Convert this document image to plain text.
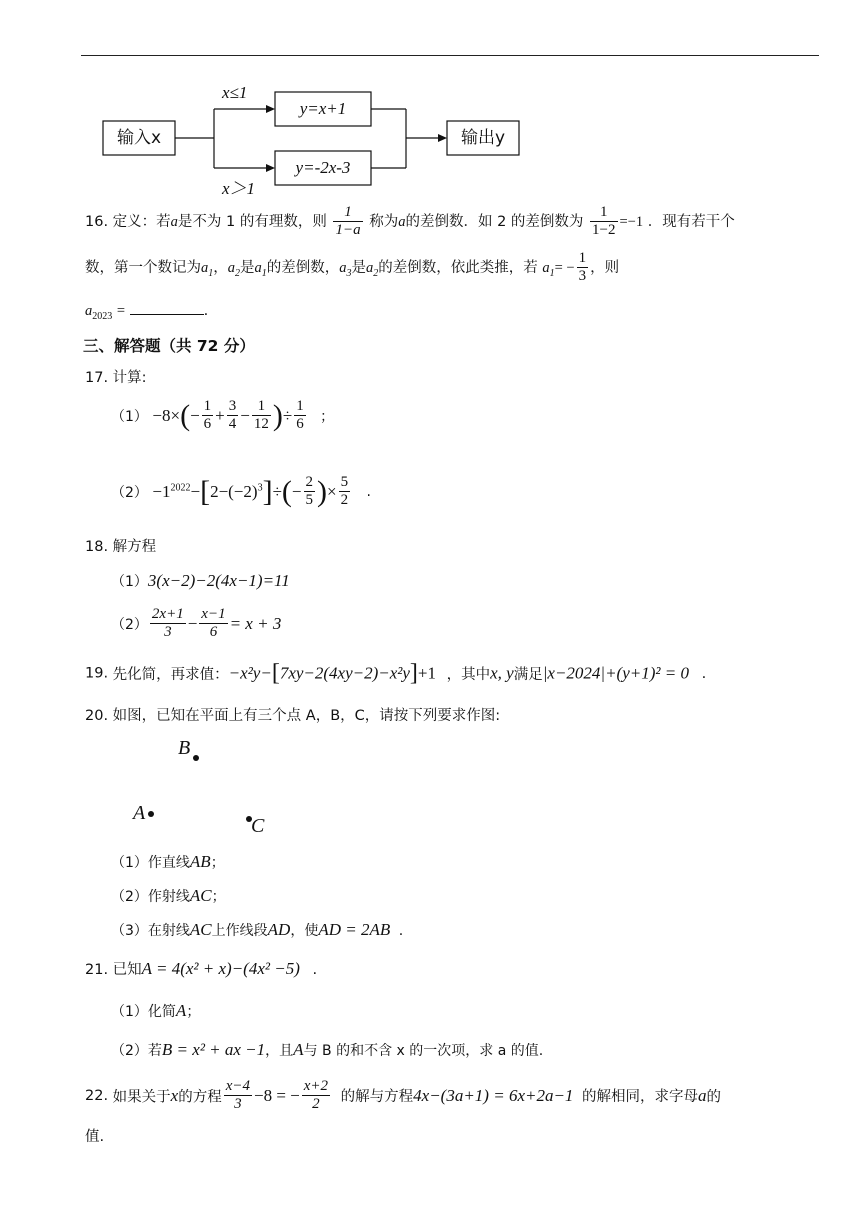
输入x
y=x+1
y=-2x-3
输出y
x≤1
x＞1
16. 定义：若a是不为 1 的有理数，则 $\frac{1}{1-a}$ 称为a的差倒数．如 2 的差倒数为 $\frac{1}{1-2} =-1$ ．现有若干个
数，第一个数记为$a_1$，$a_2$是$a_1$的差倒数，$a_3$是$a_2$的差倒数，依此类推，若 $a_1= - \frac{1}{3}$ ，则
$a_{2023}$ =	.
三、解答题（共 72 分）
17. 计算:
$(1) -8\times(- \frac{1}{6} + \frac{3}{4} - \frac{1}{12}$ )÷ $\frac{1}{6}$ ；
$(2) -1^{2022}-[2-(-2)^3]\div(- \frac{2}{5}$ )× $\frac{5}{2}$ .
18. 解方程
（1）3(x−2)−2(4x−1)=11
$(2) \frac{2x+1}{3} - \frac{x-1}{6} = x + 3$
19. 先化简，再求值：−x²y−[7xy−2(4xy−2)−x²y]+1 ，其中x, y满足|x−2024|+(y+1)² = 0 .
20. 如图，已知在平面上有三个点 A，B，C，请按下列要求作图:
B
A
C
（1）作直线AB；
（2）作射线AC；
（3）在射线AC上作线段AD，使AD = 2AB .
21. 已知A = 4(x² + x)−(4x² −5) .
（1）化简A；
（2）若B = x² + ax −1，且A与 B 的和不含 x 的一次项，求 a 的值.
22. 如果关于x的方程 $\frac{x-4}{3} -8$ = − $\frac{x+2}{2}$ 的解与方程4x−(3a+1) = 6x+2a−1 的解相同，求字母a的
值.
